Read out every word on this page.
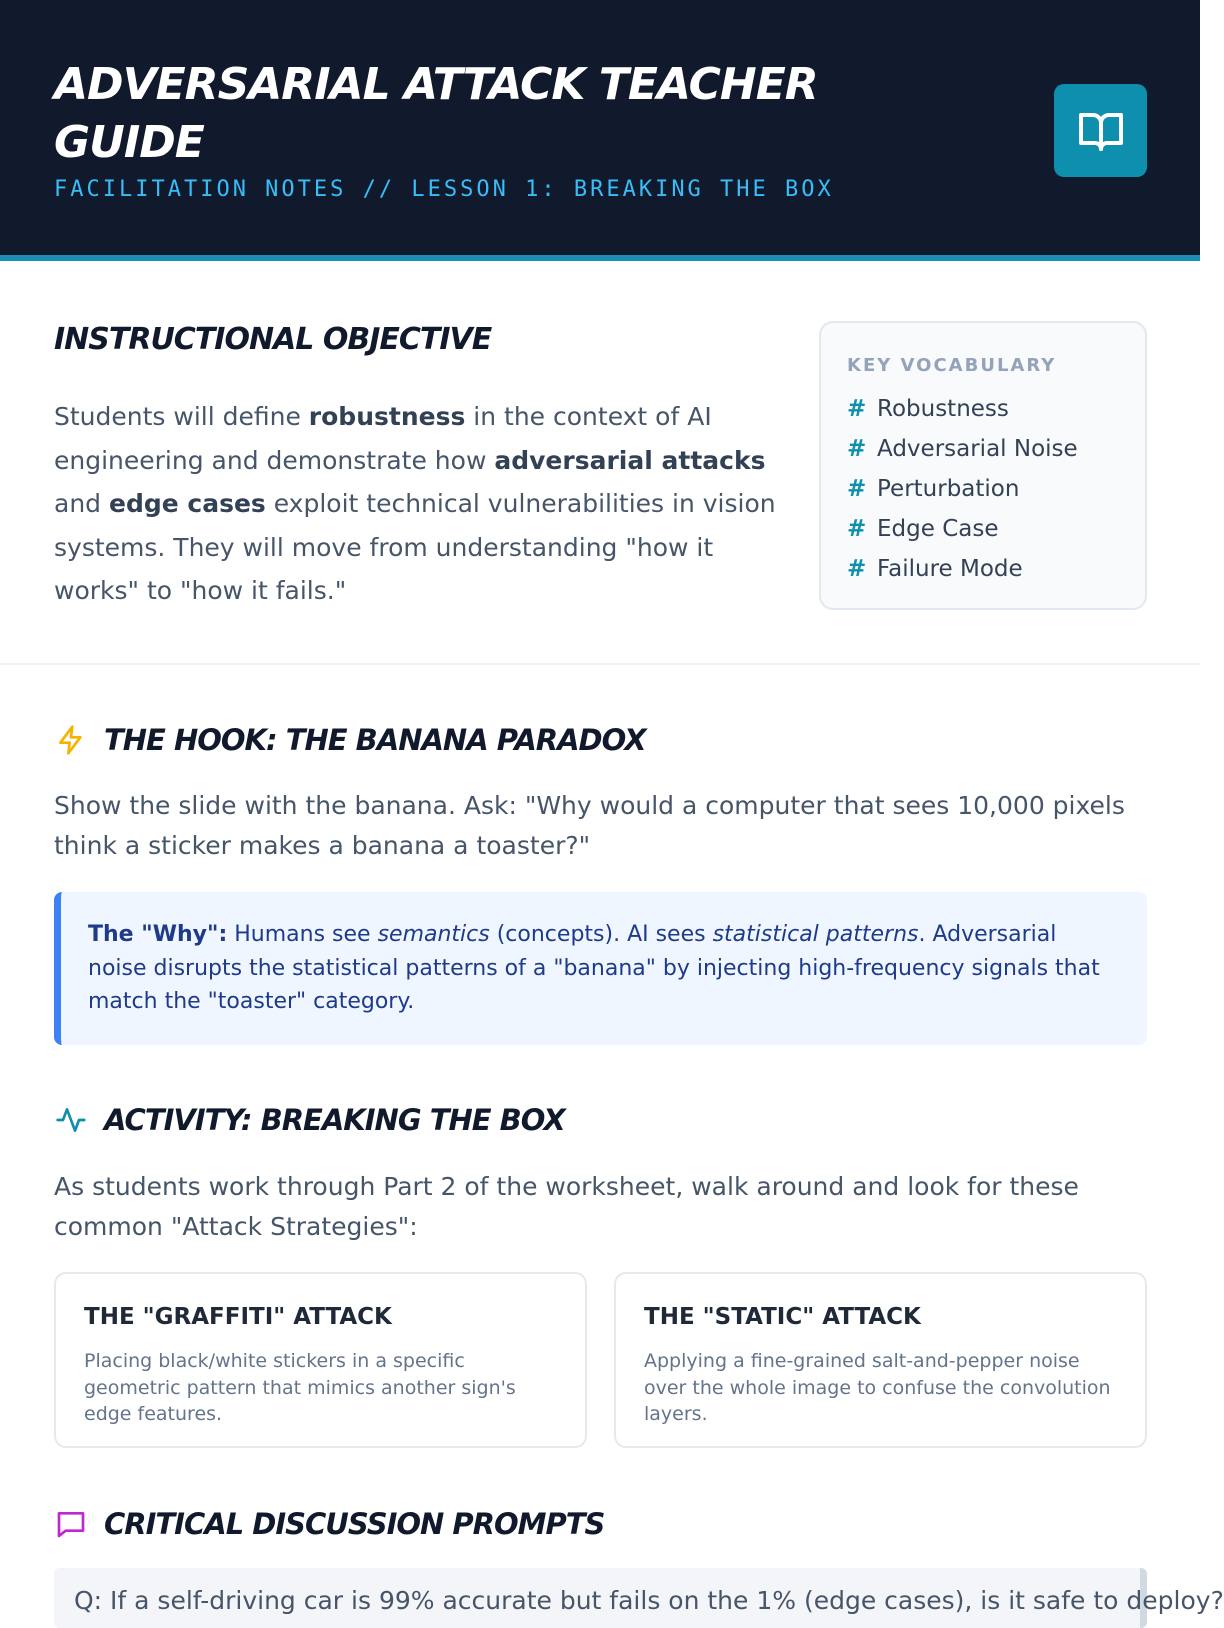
ADVERSARIAL ATTACK TEACHER GUIDE
FACILITATION NOTES // LESSON 1: BREAKING THE BOX
INSTRUCTIONAL OBJECTIVE
Students will define robustness in the context of AI engineering and demonstrate how adversarial attacks and edge cases exploit technical vulnerabilities in vision systems. They will move from understanding "how it works" to "how it fails."
KEY VOCABULARY
# Robustness
# Adversarial Noise
# Perturbation
# Edge Case
# Failure Mode
THE HOOK: THE BANANA PARADOX
Show the slide with the banana. Ask: "Why would a computer that sees 10,000 pixels think a sticker makes a banana a toaster?"
The "Why": Humans see semantics (concepts). AI sees statistical patterns. Adversarial noise disrupts the statistical patterns of a "banana" by injecting high-frequency signals that match the "toaster" category.
ACTIVITY: BREAKING THE BOX
As students work through Part 2 of the worksheet, walk around and look for these common "Attack Strategies":
THE "GRAFFITI" ATTACK
Placing black/white stickers in a specific geometric pattern that mimics another sign's edge features.
THE "STATIC" ATTACK
Applying a fine-grained salt-and-pepper noise over the whole image to confuse the convolution layers.
CRITICAL DISCUSSION PROMPTS
Q: If a self-driving car is 99% accurate but fails on the 1% (edge cases), is it safe to deploy?
